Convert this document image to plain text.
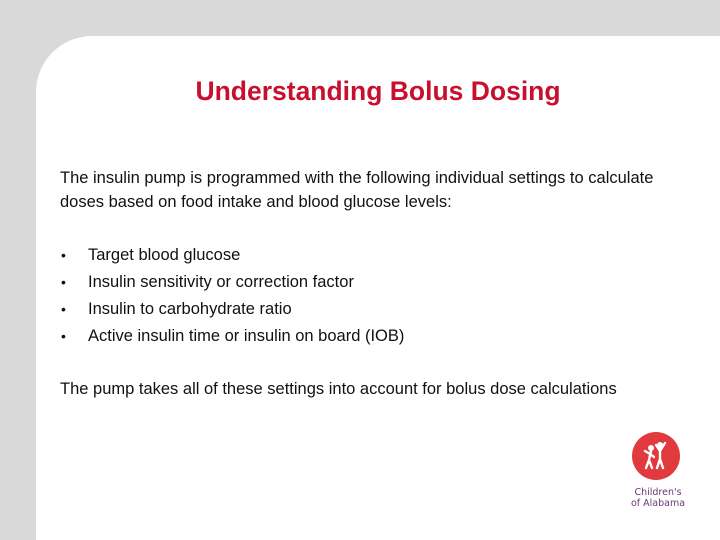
Understanding Bolus Dosing

The insulin pump is programmed with the following individual settings to calculate doses based on food intake and blood glucose levels:

•	Target blood glucose
•	Insulin sensitivity or correction factor
•	Insulin to carbohydrate ratio
•	Active insulin time or insulin on board (IOB)

The pump takes all of these settings into account for bolus dose calculations

Children's
of Alabama
